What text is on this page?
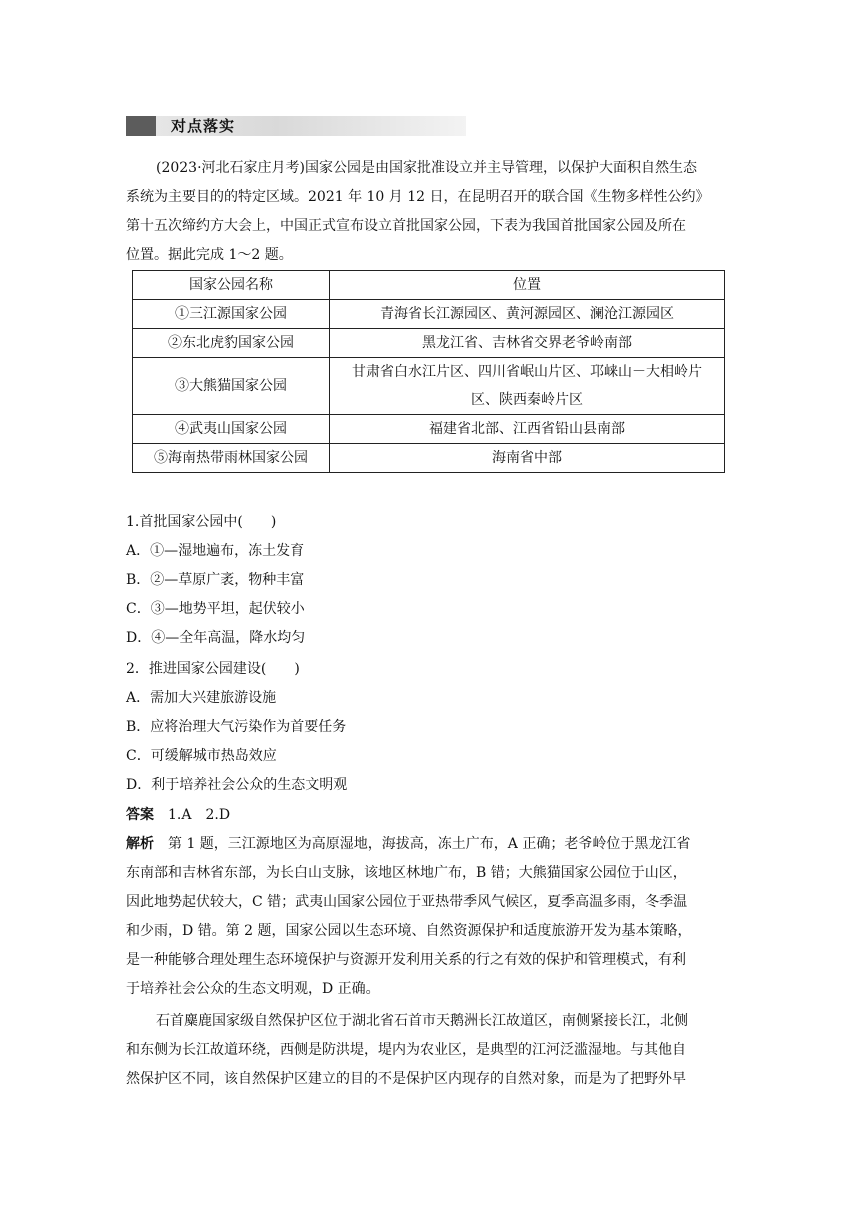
对点落实
(2023·河北石家庄月考)国家公园是由国家批准设立并主导管理，以保护大面积自然生态
系统为主要目的的特定区域。2021 年 10 月 12 日，在昆明召开的联合国《生物多样性公约》
第十五次缔约方大会上，中国正式宣布设立首批国家公园，下表为我国首批国家公园及所在
位置。据此完成 1～2 题。
国家公园名称	位置
①三江源国家公园	青海省长江源园区、黄河源园区、澜沧江源园区
②东北虎豹国家公园	黑龙江省、吉林省交界老爷岭南部
③大熊猫国家公园	甘肃省白水江片区、四川省岷山片区、邛崃山－大相岭片
区、陕西秦岭片区

④武夷山国家公园	福建省北部、江西省铅山县南部
⑤海南热带雨林国家公园	海南省中部
1.首批国家公园中(　　)
A．①—湿地遍布，冻土发育
B．②—草原广袤，物种丰富
C．③—地势平坦，起伏较小
D．④—全年高温，降水均匀
2．推进国家公园建设(　　)
A．需加大兴建旅游设施
B．应将治理大气污染作为首要任务
C．可缓解城市热岛效应
D．利于培养社会公众的生态文明观
答案　 1.A　2.D
解析　 第 1 题，三江源地区为高原湿地，海拔高，冻土广布，A 正确；老爷岭位于黑龙江省
东南部和吉林省东部，为长白山支脉，该地区林地广布，B 错；大熊猫国家公园位于山区，
因此地势起伏较大，C 错；武夷山国家公园位于亚热带季风气候区，夏季高温多雨，冬季温
和少雨，D 错。第 2 题，国家公园以生态环境、自然资源保护和适度旅游开发为基本策略，
是一种能够合理处理生态环境保护与资源开发利用关系的行之有效的保护和管理模式，有利
于培养社会公众的生态文明观，D 正确。
石首麋鹿国家级自然保护区位于湖北省石首市天鹅洲长江故道区，南侧紧接长江，北侧
和东侧为长江故道环绕，西侧是防洪堤，堤内为农业区，是典型的江河泛滥湿地。与其他自
然保护区不同，该自然保护区建立的目的不是保护区内现存的自然对象，而是为了把野外早
